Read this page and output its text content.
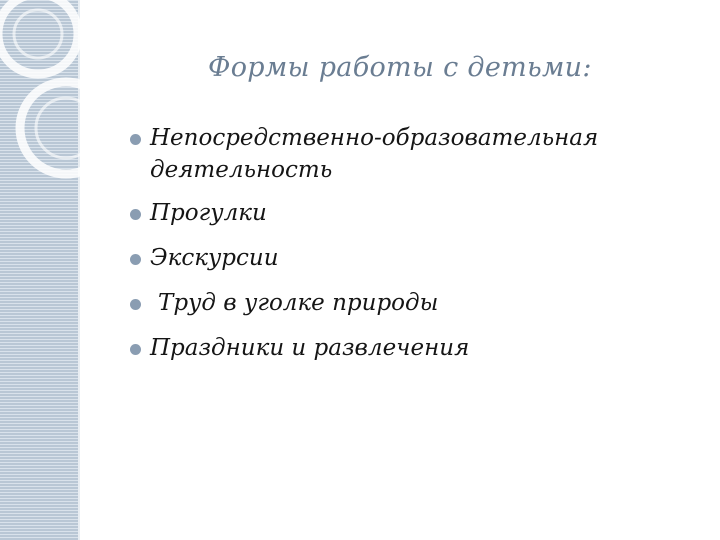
Формы работы с детьми:
Непосредственно-образовательная деятельность
Прогулки
Экскурсии
Труд в уголке природы
Праздники и развлечения
